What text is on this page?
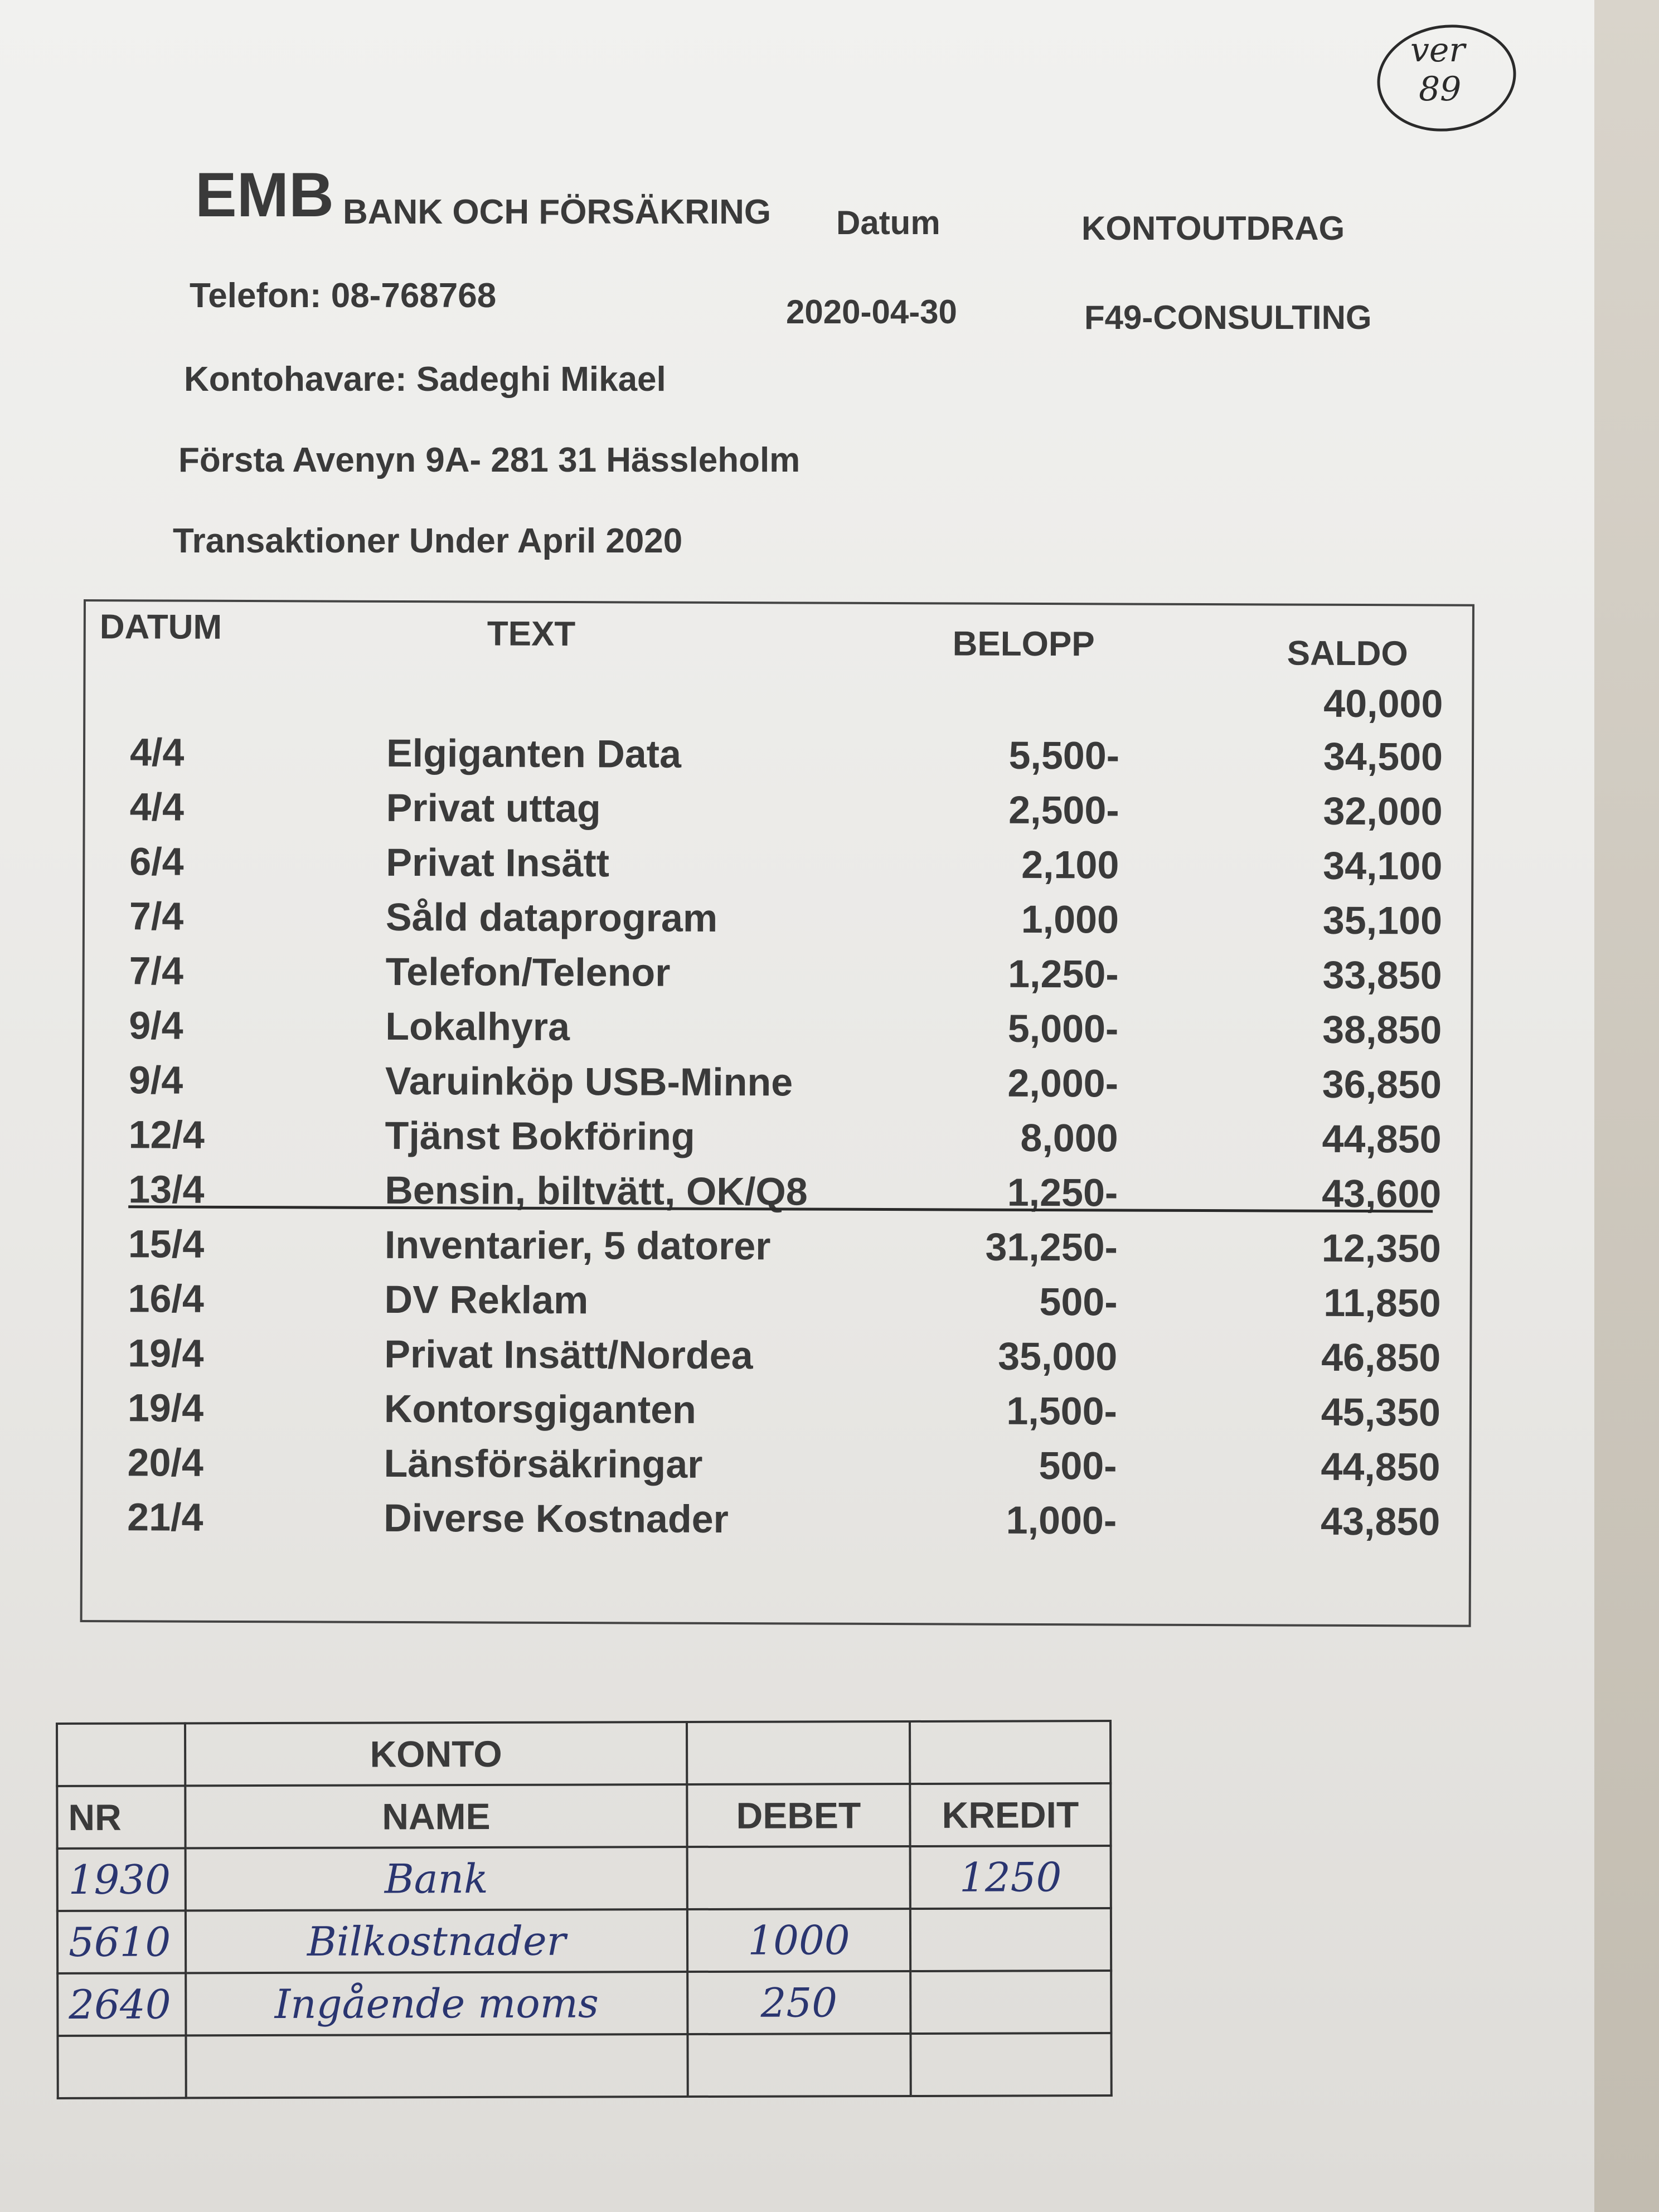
ver
89
EMB BANK OCH FÖRSÄKRING Datum	KONTOUTDRAG
Telefon: 08-768768	2020-04-30	F49-CONSULTING
Kontohavare: Sadeghi Mikael
Första Avenyn 9A- 281 31 Hässleholm
Transaktioner Under April 2020
DATUM	TEXT	BELOPP	SALDO
40,000
4/4	Elgiganten Data	5,500-	34,500
4/4	Privat uttag	2,500-	32,000
6/4	Privat Insätt	2,100	34,100
7/4	Såld dataprogram	1,000	35,100
7/4	Telefon/Telenor	1,250-	33,850
9/4	Lokalhyra	5,000-	38,850
9/4	Varuinköp USB-Minne	2,000-	36,850
12/4	Tjänst Bokföring	8,000	44,850
13/4	Bensin, biltvätt, OK/Q8	1,250-	43,600
15/4	Inventarier, 5 datorer	31,250-	12,350
16/4	DV Reklam	500-	11,850
19/4	Privat Insätt/Nordea	35,000	46,850
19/4	Kontorsgiganten	1,500-	45,350
20/4	Länsförsäkringar	500-	44,850
21/4	Diverse Kostnader	1,000-	43,850
	KONTO		
NR	NAME	DEBET	KREDIT
1930	Bank		1250
5610	Bilkostnader	1000	
2640	Ingående moms	250	
